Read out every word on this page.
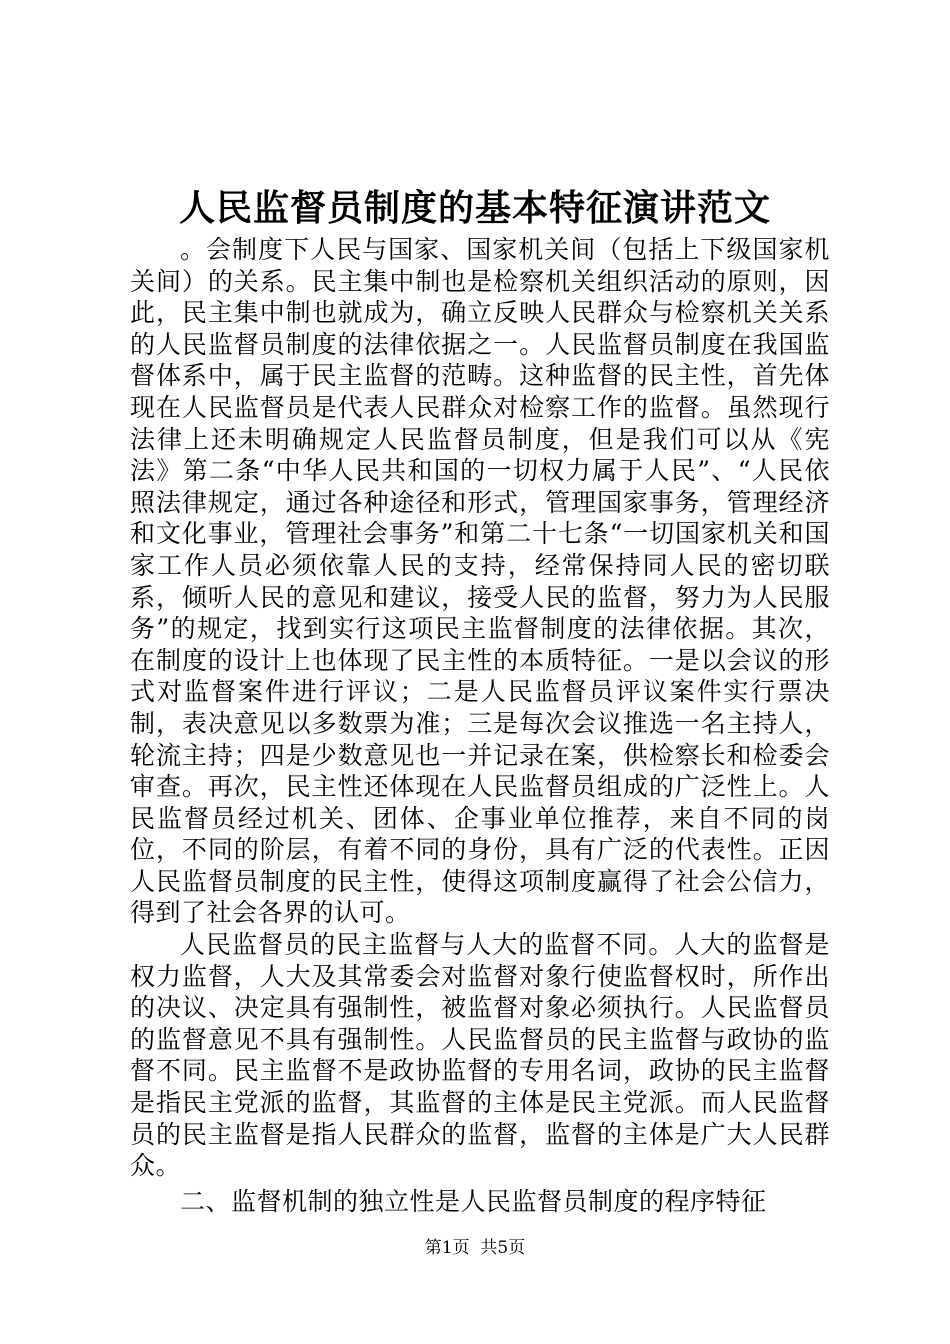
人民监督员制度的基本特征演讲范文

。会制度下人民与国家、国家机关间（包括上下级国家机关间）的关系。民主集中制也是检察机关组织活动的原则，因此，民主集中制也就成为，确立反映人民群众与检察机关关系的人民监督员制度的法律依据之一。人民监督员制度在我国监督体系中，属于民主监督的范畴。这种监督的民主性，首先体现在人民监督员是代表人民群众对检察工作的监督。虽然现行法律上还未明确规定人民监督员制度，但是我们可以从《宪法》第二条“中华人民共和国的一切权力属于人民”、“人民依照法律规定，通过各种途径和形式，管理国家事务，管理经济和文化事业，管理社会事务”和第二十七条“一切国家机关和国家工作人员必须依靠人民的支持，经常保持同人民的密切联系，倾听人民的意见和建议，接受人民的监督，努力为人民服务”的规定，找到实行这项民主监督制度的法律依据。其次，在制度的设计上也体现了民主性的本质特征。一是以会议的形式对监督案件进行评议；二是人民监督员评议案件实行票决制，表决意见以多数票为准；三是每次会议推选一名主持人，轮流主持；四是少数意见也一并记录在案，供检察长和检委会审查。再次，民主性还体现在人民监督员组成的广泛性上。人民监督员经过机关、团体、企事业单位推荐，来自不同的岗位，不同的阶层，有着不同的身份，具有广泛的代表性。正因人民监督员制度的民主性，使得这项制度赢得了社会公信力，得到了社会各界的认可。

人民监督员的民主监督与人大的监督不同。人大的监督是权力监督，人大及其常委会对监督对象行使监督权时，所作出的决议、决定具有强制性，被监督对象必须执行。人民监督员的监督意见不具有强制性。人民监督员的民主监督与政协的监督不同。民主监督不是政协监督的专用名词，政协的民主监督是指民主党派的监督，其监督的主体是民主党派。而人民监督员的民主监督是指人民群众的监督，监督的主体是广大人民群众。

二、监督机制的独立性是人民监督员制度的程序特征

第1页 共5页
